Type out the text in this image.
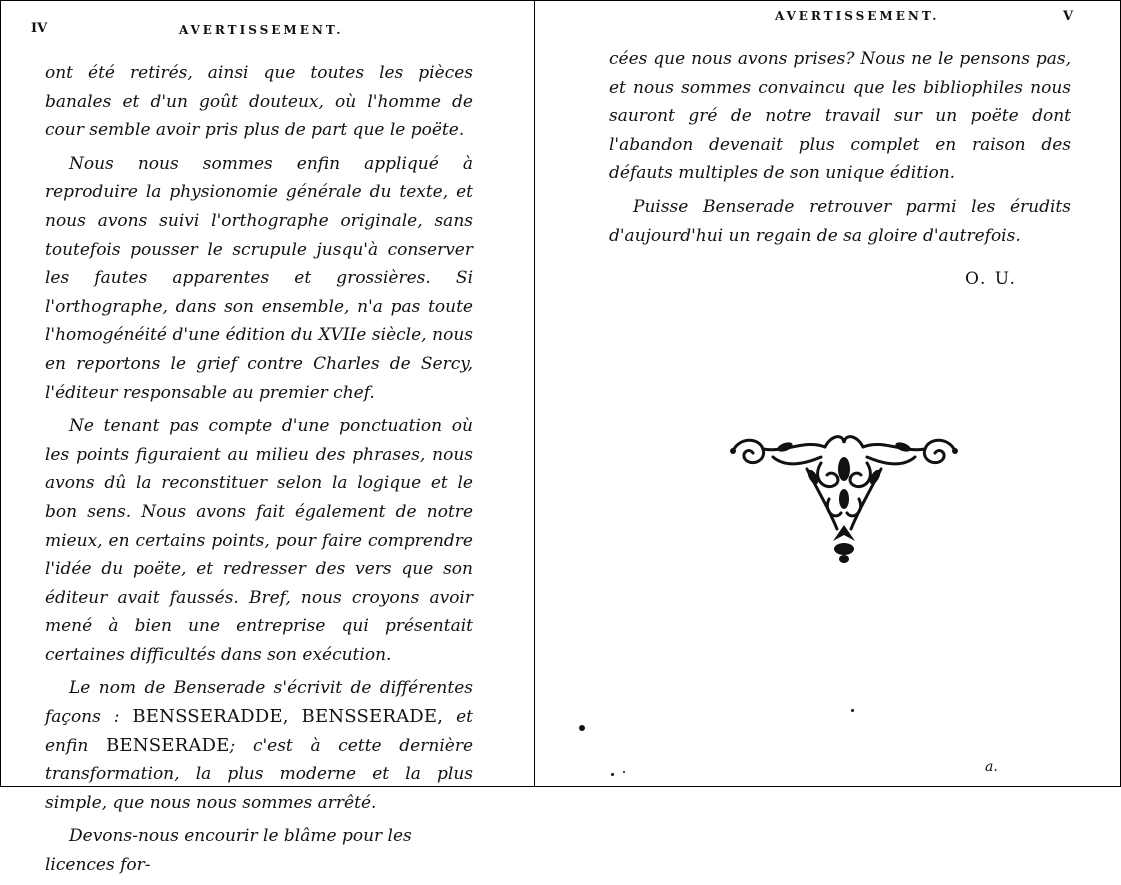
IV	AVERTISSEMENT.

ont été retirés, ainsi que toutes les pièces banales et d'un goût douteux, où l'homme de cour semble avoir pris plus de part que le poëte.

Nous nous sommes enfin appliqué à reproduire la physionomie générale du texte, et nous avons suivi l'orthographe originale, sans toutefois pousser le scrupule jusqu'à conserver les fautes apparentes et grossières. Si l'orthographe, dans son ensemble, n'a pas toute l'homogénéité d'une édition du XVIIe siècle, nous en reportons le grief contre Charles de Sercy, l'éditeur responsable au premier chef.

Ne tenant pas compte d'une ponctuation où les points figuraient au milieu des phrases, nous avons dû la reconstituer selon la logique et le bon sens. Nous avons fait également de notre mieux, en certains points, pour faire comprendre l'idée du poëte, et redresser des vers que son éditeur avait faussés. Bref, nous croyons avoir mené à bien une entreprise qui présentait certaines difficultés dans son exécution.

Le nom de Benserade s'écrivit de différentes façons : BENSSERADDE, BENSSERADE, et enfin BENSERADE; c'est à cette dernière transformation, la plus moderne et la plus simple, que nous nous sommes arrêté.

Devons-nous encourir le blâme pour les licences for-

AVERTISSEMENT.	V

cées que nous avons prises? Nous ne le pensons pas, et nous sommes convaincu que les bibliophiles nous sauront gré de notre travail sur un poëte dont l'abandon devenait plus complet en raison des défauts multiples de son unique édition.

Puisse Benserade retrouver parmi les érudits d'aujourd'hui un regain de sa gloire d'autrefois.

O. U.
a.
